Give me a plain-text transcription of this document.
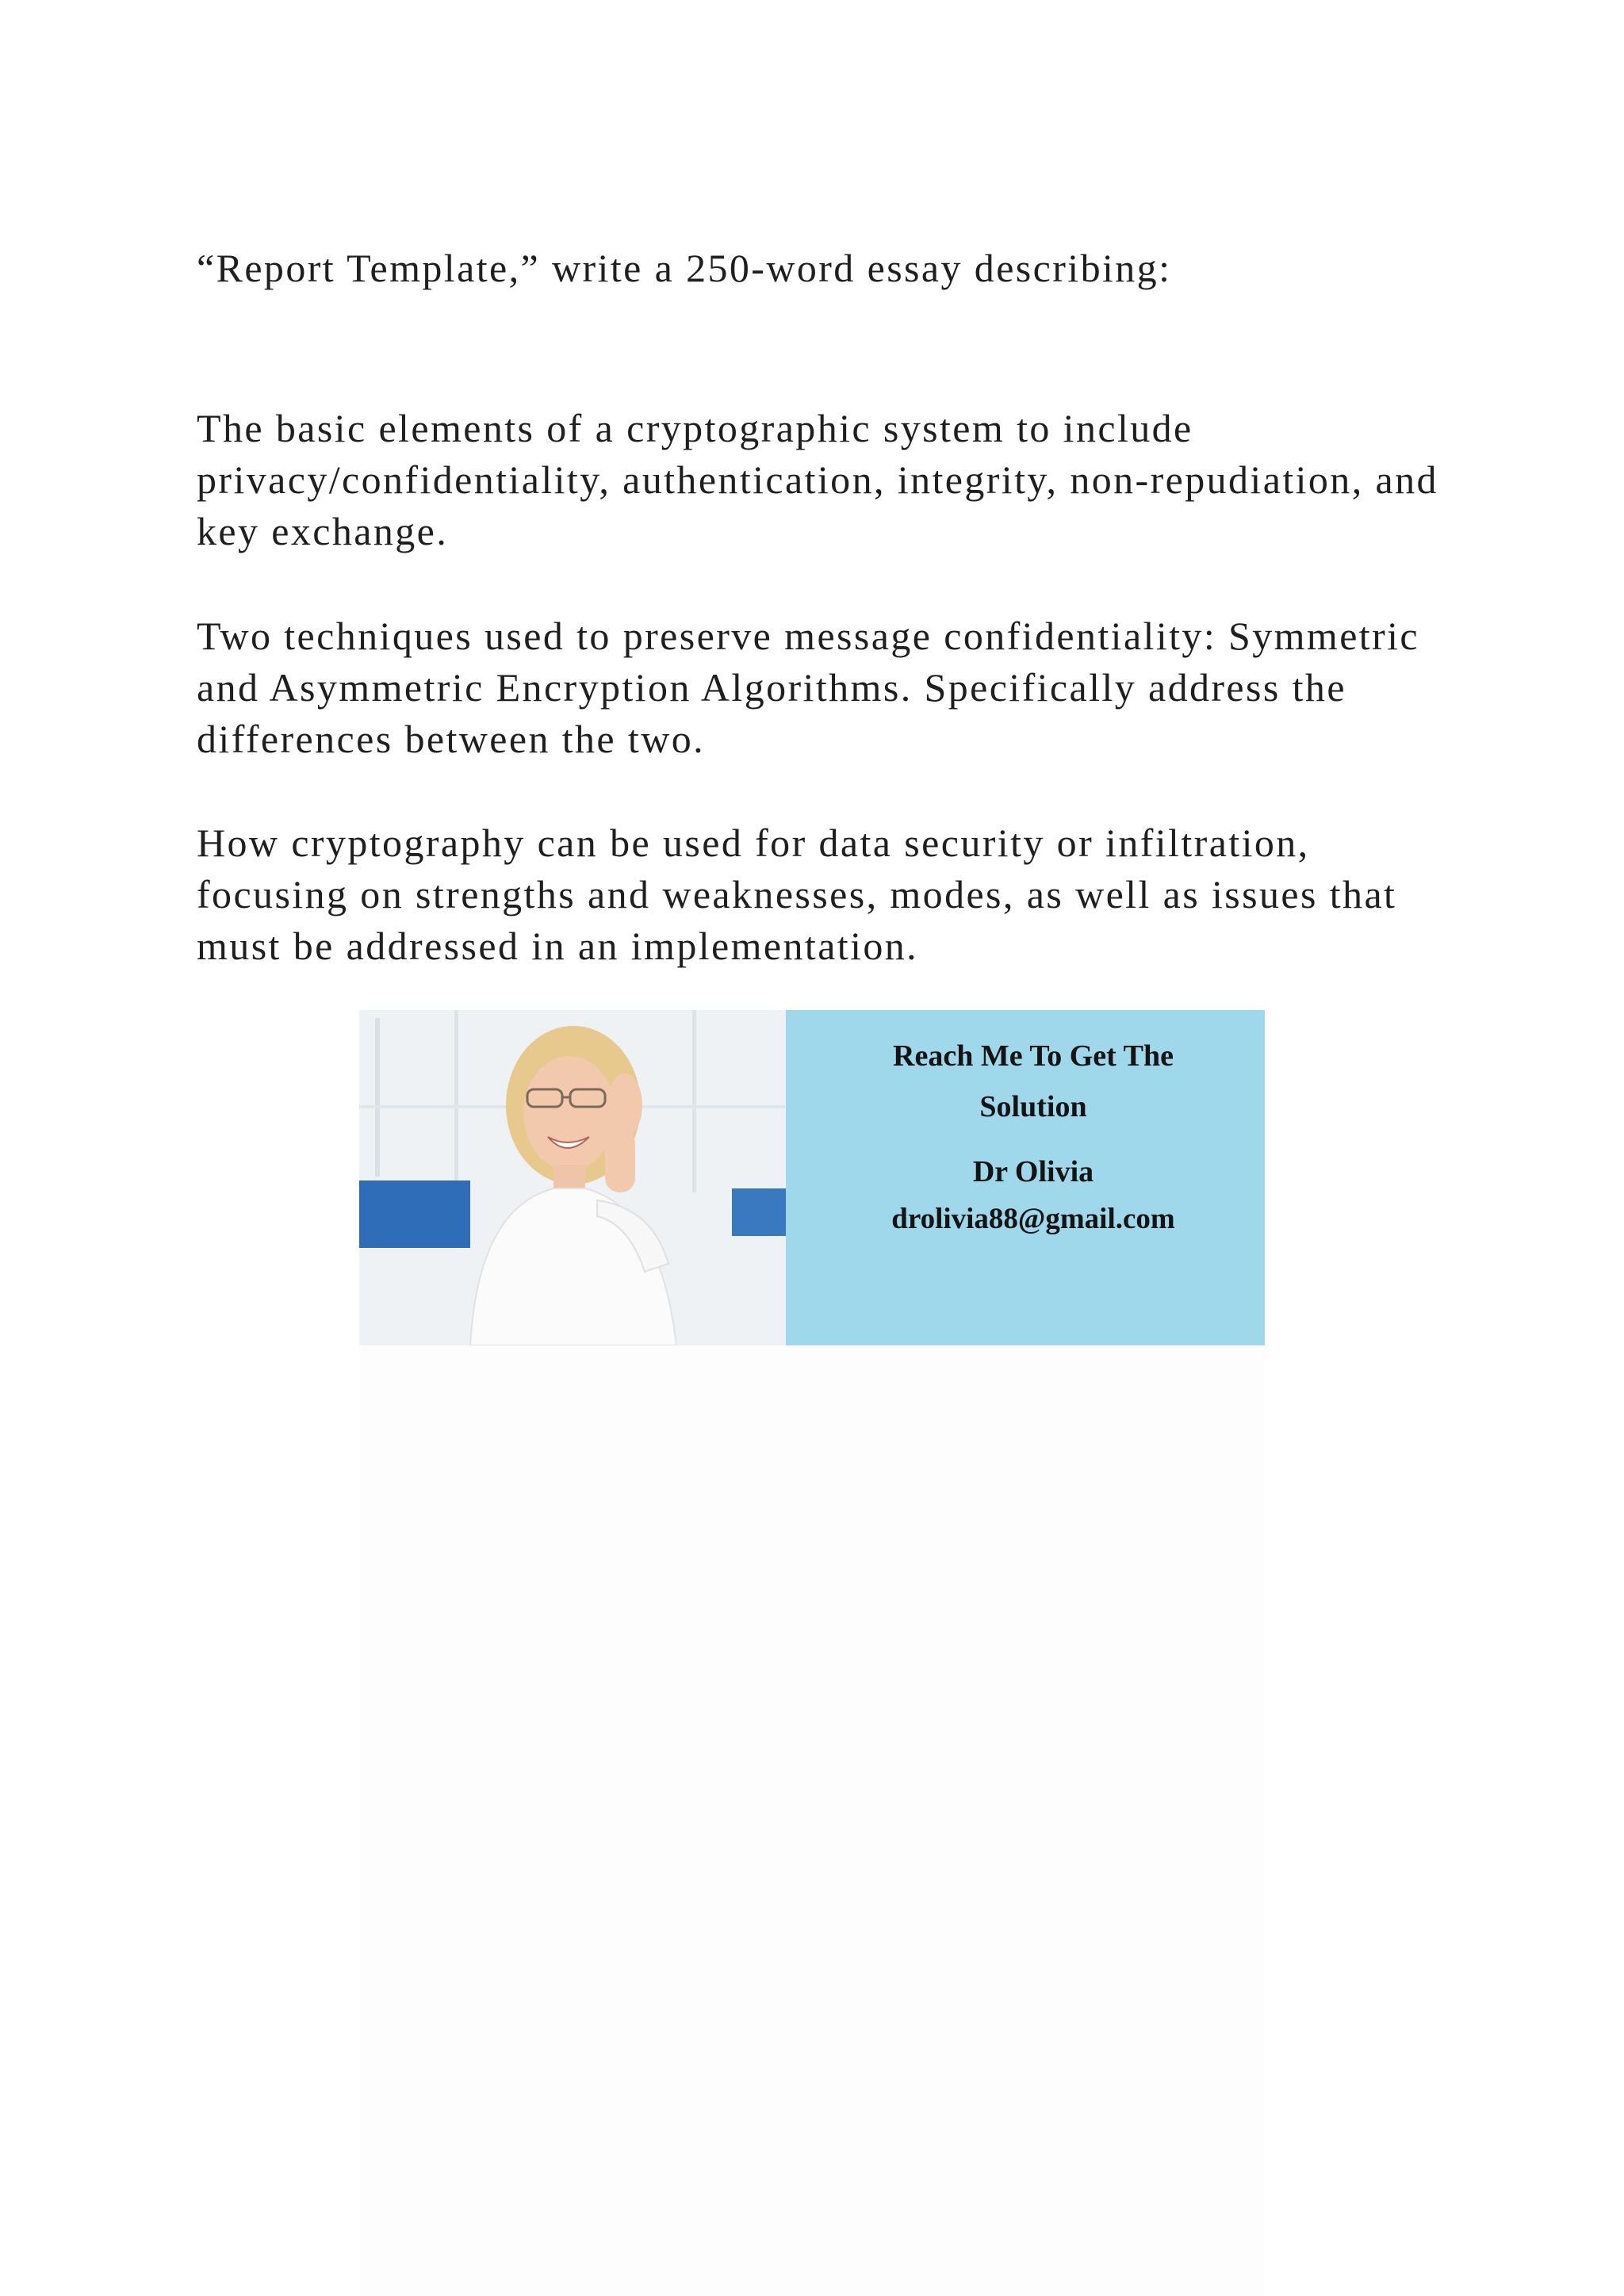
“Report Template,” write a 250-word essay describing:

The basic elements of a cryptographic system to include privacy/confidentiality, authentication, integrity, non-repudiation, and key exchange.

Two techniques used to preserve message confidentiality: Symmetric and Asymmetric Encryption Algorithms. Specifically address the differences between the two.

How cryptography can be used for data security or infiltration, focusing on strengths and weaknesses, modes, as well as issues that must be addressed in an implementation.

Reach Me To Get The

Solution

Dr Olivia

drolivia88@gmail.com
